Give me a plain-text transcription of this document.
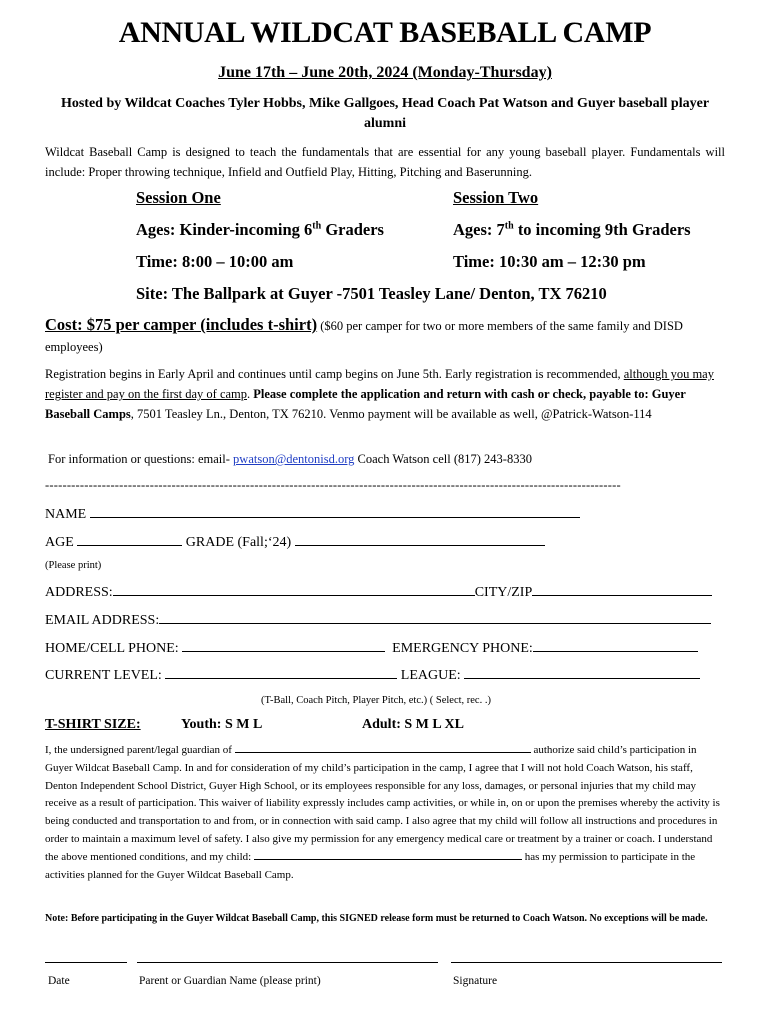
ANNUAL WILDCAT BASEBALL CAMP
June 17th – June 20th, 2024 (Monday-Thursday)
Hosted by Wildcat Coaches Tyler Hobbs, Mike Gallgoes, Head Coach Pat Watson and Guyer baseball player alumni
Wildcat Baseball Camp is designed to teach the fundamentals that are essential for any young baseball player. Fundamentals will include: Proper throwing technique, Infield and Outfield Play, Hitting, Pitching and Baserunning.
Session One	Session Two
Ages: Kinder-incoming 6th Graders	Ages: 7th to incoming 9th Graders
Time: 8:00 – 10:00 am	Time: 10:30 am – 12:30 pm
Site: The Ballpark at Guyer -7501 Teasley Lane/ Denton, TX 76210
Cost: $75 per camper (includes t-shirt) ($60 per camper for two or more members of the same family and DISD employees)
Registration begins in Early April and continues until camp begins on June 5th. Early registration is recommended, although you may register and pay on the first day of camp. Please complete the application and return with cash or check, payable to: Guyer Baseball Camps, 7501 Teasley Ln., Denton, TX 76210. Venmo payment will be available as well, @Patrick-Watson-114
For information or questions: email- pwatson@dentonisd.org Coach Watson cell (817) 243-8330
------------------------------------------------------------------------------------------------------------------------------------
NAME
AGE	GRADE (Fall;‘24)
(Please print)
ADDRESS:	CITY/ZIP
EMAIL ADDRESS:
HOME/CELL PHONE:	EMERGENCY PHONE:
CURRENT LEVEL:	LEAGUE:
(T-Ball, Coach Pitch, Player Pitch, etc.) ( Select, rec. .)
T-SHIRT SIZE:	Youth: S M L	Adult: S M L XL
I, the undersigned parent/legal guardian of	authorize said child’s participation in Guyer Wildcat Baseball Camp. In and for consideration of my child’s participation in the camp, I agree that I will not hold Coach Watson, his staff, Denton Independent School District, Guyer High School, or its employees responsible for any loss, damages, or personal injuries that my child may receive as a result of participation. This waiver of liability expressly includes camp activities, or while in, on or upon the premises whereby the activity is being conducted and transportation to and from, or in connection with said camp. I also agree that my child will follow all instructions and procedures in order to maintain a maximum level of safety. I also give my permission for any emergency medical care or treatment by a trainer or coach. I understand the above mentioned conditions, and my child:	has my permission to participate in the activities planned for the Guyer Wildcat Baseball Camp.
Note: Before participating in the Guyer Wildcat Baseball Camp, this SIGNED release form must be returned to Coach Watson. No exceptions will be made.
Date	Parent or Guardian Name (please print)	Signature
